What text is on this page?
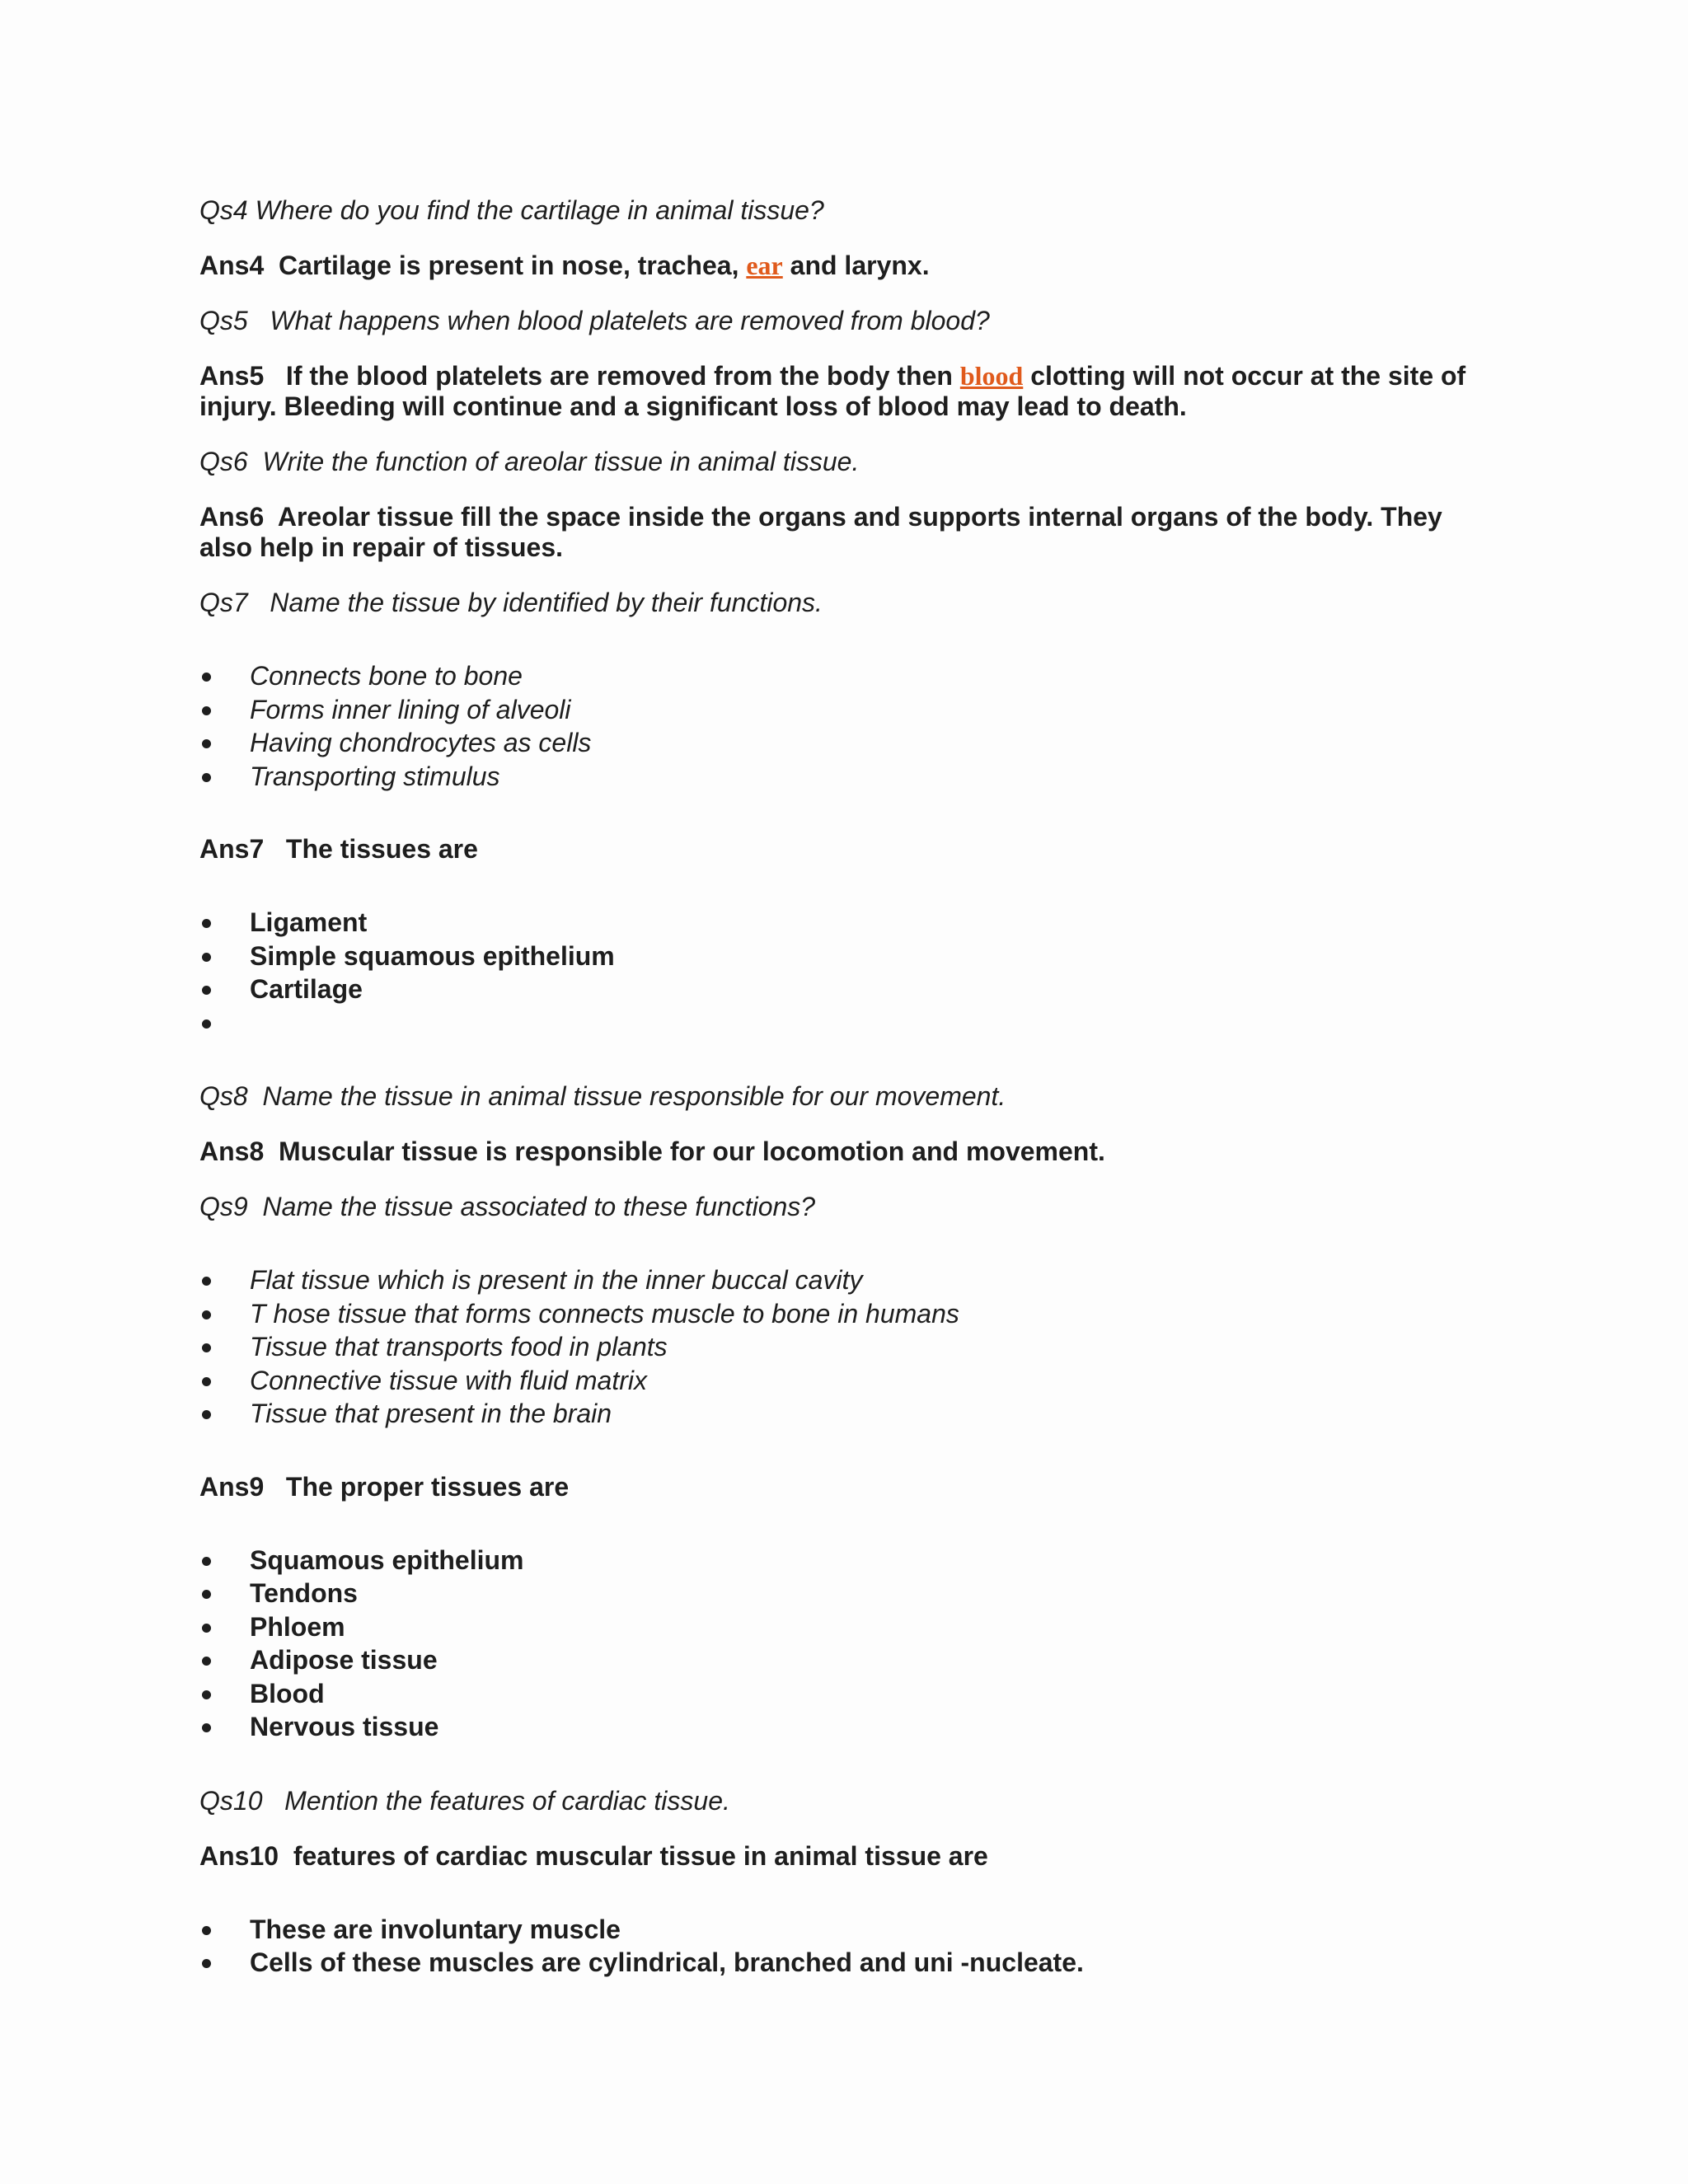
Qs4 Where do you find the cartilage in animal tissue?

Ans4 Cartilage is present in nose, trachea, ear and larynx.

Qs5 What happens when blood platelets are removed from blood?

Ans5 If the blood platelets are removed from the body then blood clotting will not occur at the site of
injury. Bleeding will continue and a significant loss of blood may lead to death.

Qs6 Write the function of areolar tissue in animal tissue.

Ans6 Areolar tissue fill the space inside the organs and supports internal organs of the body. They
also help in repair of tissues.

Qs7 Name the tissue by identified by their functions.

Connects bone to bone
Forms inner lining of alveoli
Having chondrocytes as cells
Transporting stimulus

Ans7 The tissues are

Ligament
Simple squamous epithelium
Cartilage

Qs8 Name the tissue in animal tissue responsible for our movement.

Ans8 Muscular tissue is responsible for our locomotion and movement.

Qs9 Name the tissue associated to these functions?

Flat tissue which is present in the inner buccal cavity
T hose tissue that forms connects muscle to bone in humans
Tissue that transports food in plants
Connective tissue with fluid matrix
Tissue that present in the brain

Ans9 The proper tissues are

Squamous epithelium
Tendons
Phloem
Adipose tissue
Blood
Nervous tissue

Qs10 Mention the features of cardiac tissue.

Ans10 features of cardiac muscular tissue in animal tissue are

These are involuntary muscle
Cells of these muscles are cylindrical, branched and uni -nucleate.
